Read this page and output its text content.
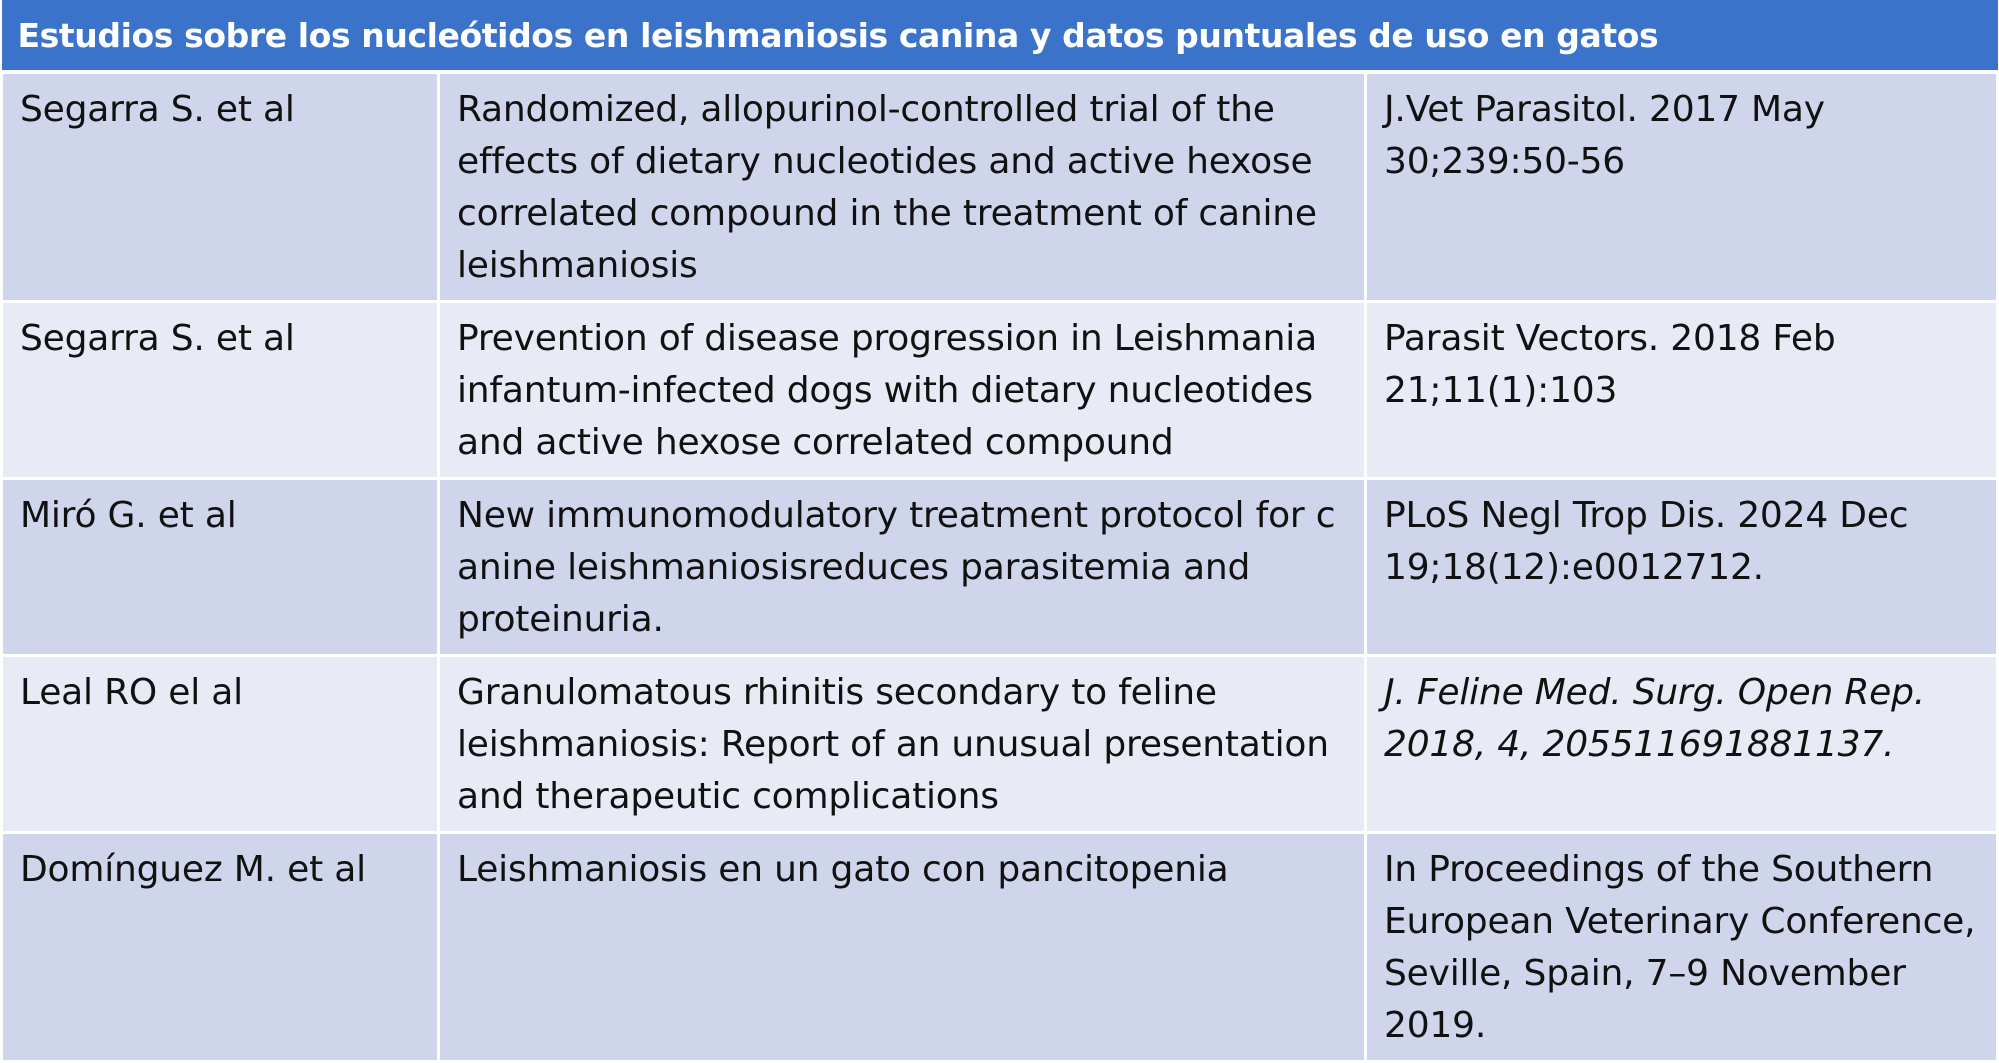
Estudios sobre los nucleótidos en leishmaniosis canina y datos puntuales de uso en gatos		
Segarra S. et al	Randomized, allopurinol-controlled trial of the effects of dietary nucleotides and active hexose correlated compound in the treatment of canine leishmaniosis	J.Vet Parasitol. 2017 May 30;239:50-56
Segarra S. et al	Prevention of disease progression in Leishmania infantum-infected dogs with dietary nucleotides and active hexose correlated compound	Parasit Vectors. 2018 Feb 21;11(1):103
Miró G. et al	New immunomodulatory treatment protocol for c anine leishmaniosisreduces parasitemia and proteinuria.	PLoS Negl Trop Dis. 2024 Dec 19;18(12):e0012712.
Leal RO el al	Granulomatous rhinitis secondary to feline leishmaniosis: Report of an unusual presentation and therapeutic complications	J. Feline Med. Surg. Open Rep. 2018, 4, 205511691881137.
Domínguez M. et al	Leishmaniosis en un gato con pancitopenia	In Proceedings of the Southern European Veterinary Conference, Seville, Spain, 7–9 November 2019.
